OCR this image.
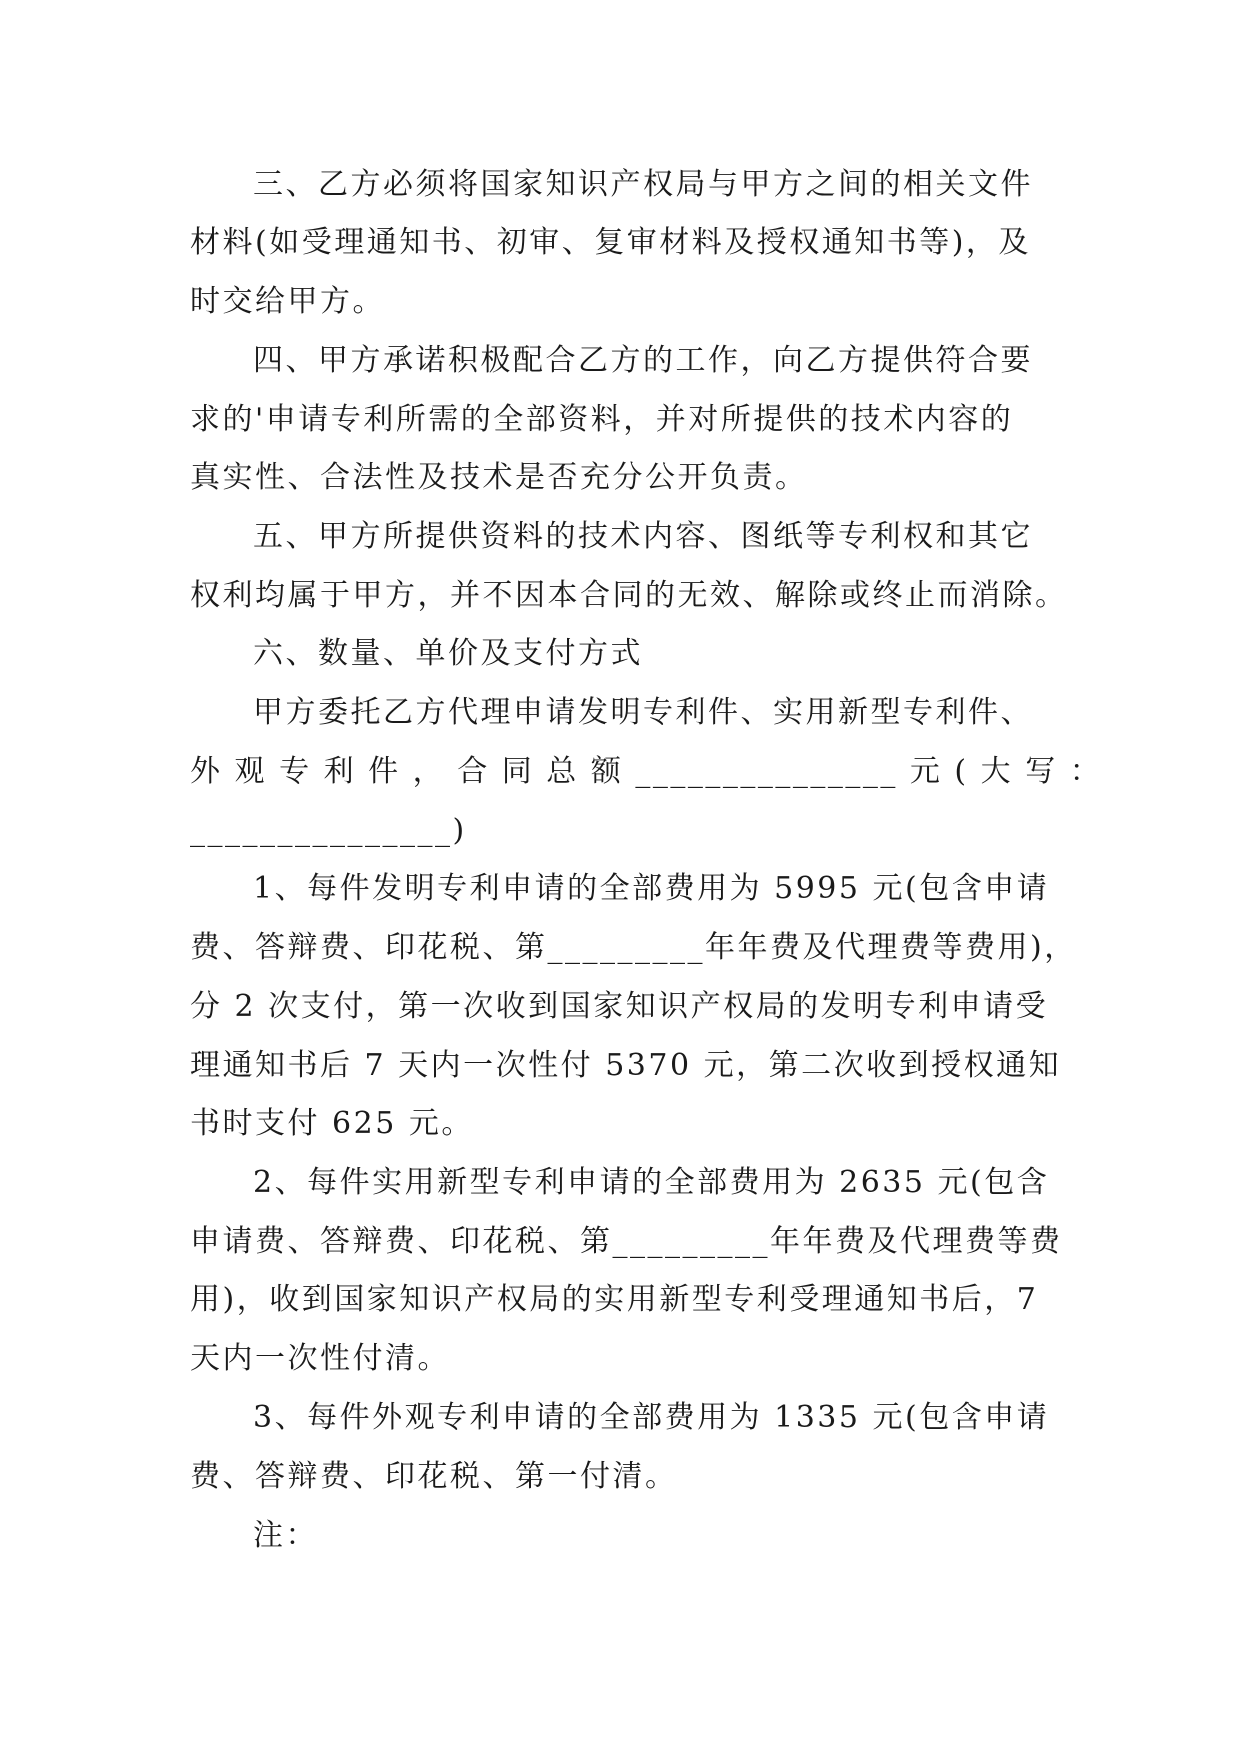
三、乙方必须将国家知识产权局与甲方之间的相关文件
材料(如受理通知书、初审、复审材料及授权通知书等)，及
时交给甲方。
四、甲方承诺积极配合乙方的工作，向乙方提供符合要
求的'申请专利所需的全部资料，并对所提供的技术内容的
真实性、合法性及技术是否充分公开负责。
五、甲方所提供资料的技术内容、图纸等专利权和其它
权利均属于甲方，并不因本合同的无效、解除或终止而消除。
六、数量、单价及支付方式
甲方委托乙方代理申请发明专利件、实用新型专利件、
外 观 专 利 件 ， 合 同 总 额 _______________ 元 ( 大 写 ：
_______________)
1、每件发明专利申请的全部费用为 5995 元(包含申请
费、答辩费、印花税、第_________年年费及代理费等费用)，
分 2 次支付，第一次收到国家知识产权局的发明专利申请受
理通知书后 7 天内一次性付 5370 元，第二次收到授权通知
书时支付 625 元。
2、每件实用新型专利申请的全部费用为 2635 元(包含
申请费、答辩费、印花税、第_________年年费及代理费等费
用)，收到国家知识产权局的实用新型专利受理通知书后，7
天内一次性付清。
3、每件外观专利申请的全部费用为 1335 元(包含申请
费、答辩费、印花税、第一付清。
注：
